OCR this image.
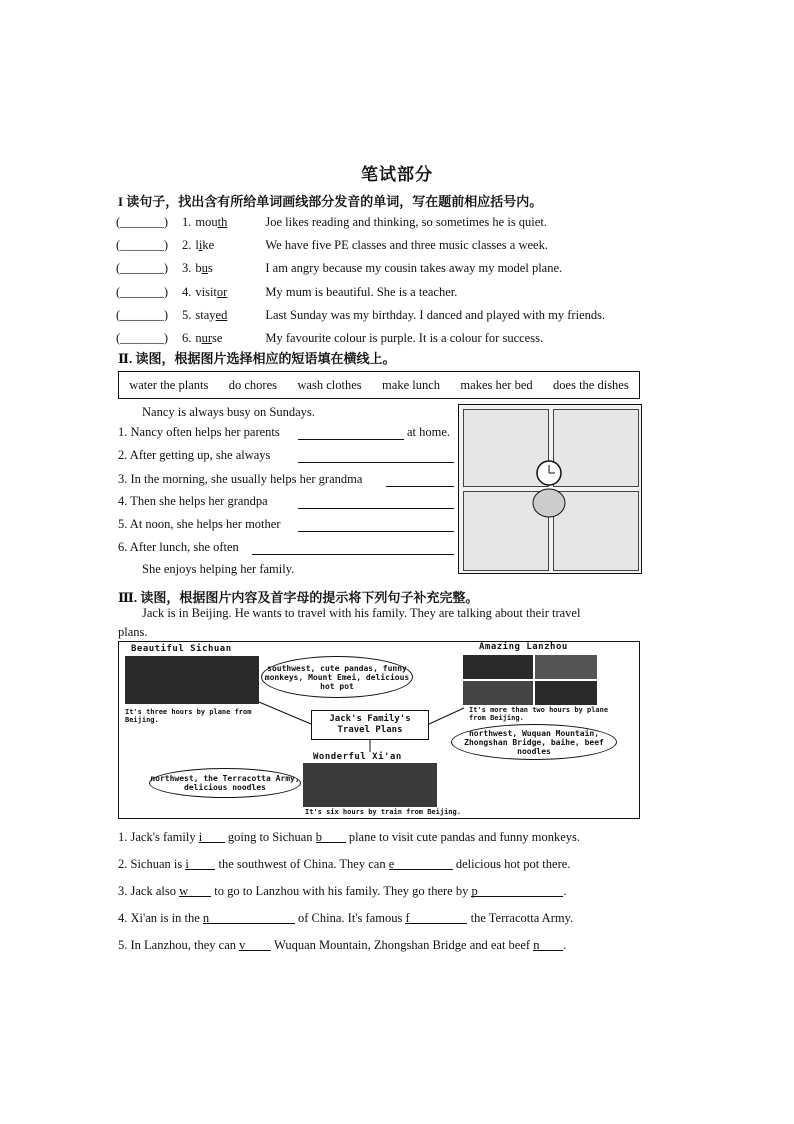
笔试部分
I 读句子，找出含有所给单词画线部分发音的单词，写在题前相应括号内。
(_______) 1. mouth	Joe likes reading and thinking, so sometimes he is quiet.
(_______) 2. like	We have five PE classes and three music classes a week.
(_______) 3. bus	I am angry because my cousin takes away my model plane.
(_______) 4. visitor	My mum is beautiful. She is a teacher.
(_______) 5. stayed	Last Sunday was my birthday. I danced and played with my friends.
(_______) 6. nurse	My favourite colour is purple. It is a colour for success.
Ⅱ. 读图，根据图片选择相应的短语填在横线上。
water the plants do chores wash clothes make lunch makes her bed does the dishes
Nancy is always busy on Sundays.
1. Nancy often helps her parents	at home.
2. After getting up, she always
3. In the morning, she usually helps her grandma
4. Then she helps her grandpa
5. At noon, she helps her mother
6. After lunch, she often
She enjoys helping her family.
Ⅲ. 读图，根据图片内容及首字母的提示将下列句子补充完整。
Jack is in Beijing. He wants to travel with his family. They are talking about their travel
plans.
Beautiful Sichuan
It's three hours by plane from Beijing.
southwest, cute pandas, funny monkeys, Mount Emei, delicious hot pot
Amazing Lanzhou
It's more than two hours by plane from Beijing.
northwest, Wuquan Mountain, Zhongshan Bridge, baihe, beef noodles
Jack's Family's Travel Plans
Wonderful Xi'an
It's six hours by train from Beijing.
northwest, the Terracotta Army, delicious noodles
1. Jack's family i going to Sichuan b plane to visit cute pandas and funny monkeys.
2. Sichuan is i the southwest of China. They can e	delicious hot pot there.
3. Jack also w to go to Lanzhou with his family. They go there by p	.
4. Xi'an is in the n	of China. It's famous f	the Terracotta Army.
5. In Lanzhou, they can v Wuquan Mountain, Zhongshan Bridge and eat beef n .
